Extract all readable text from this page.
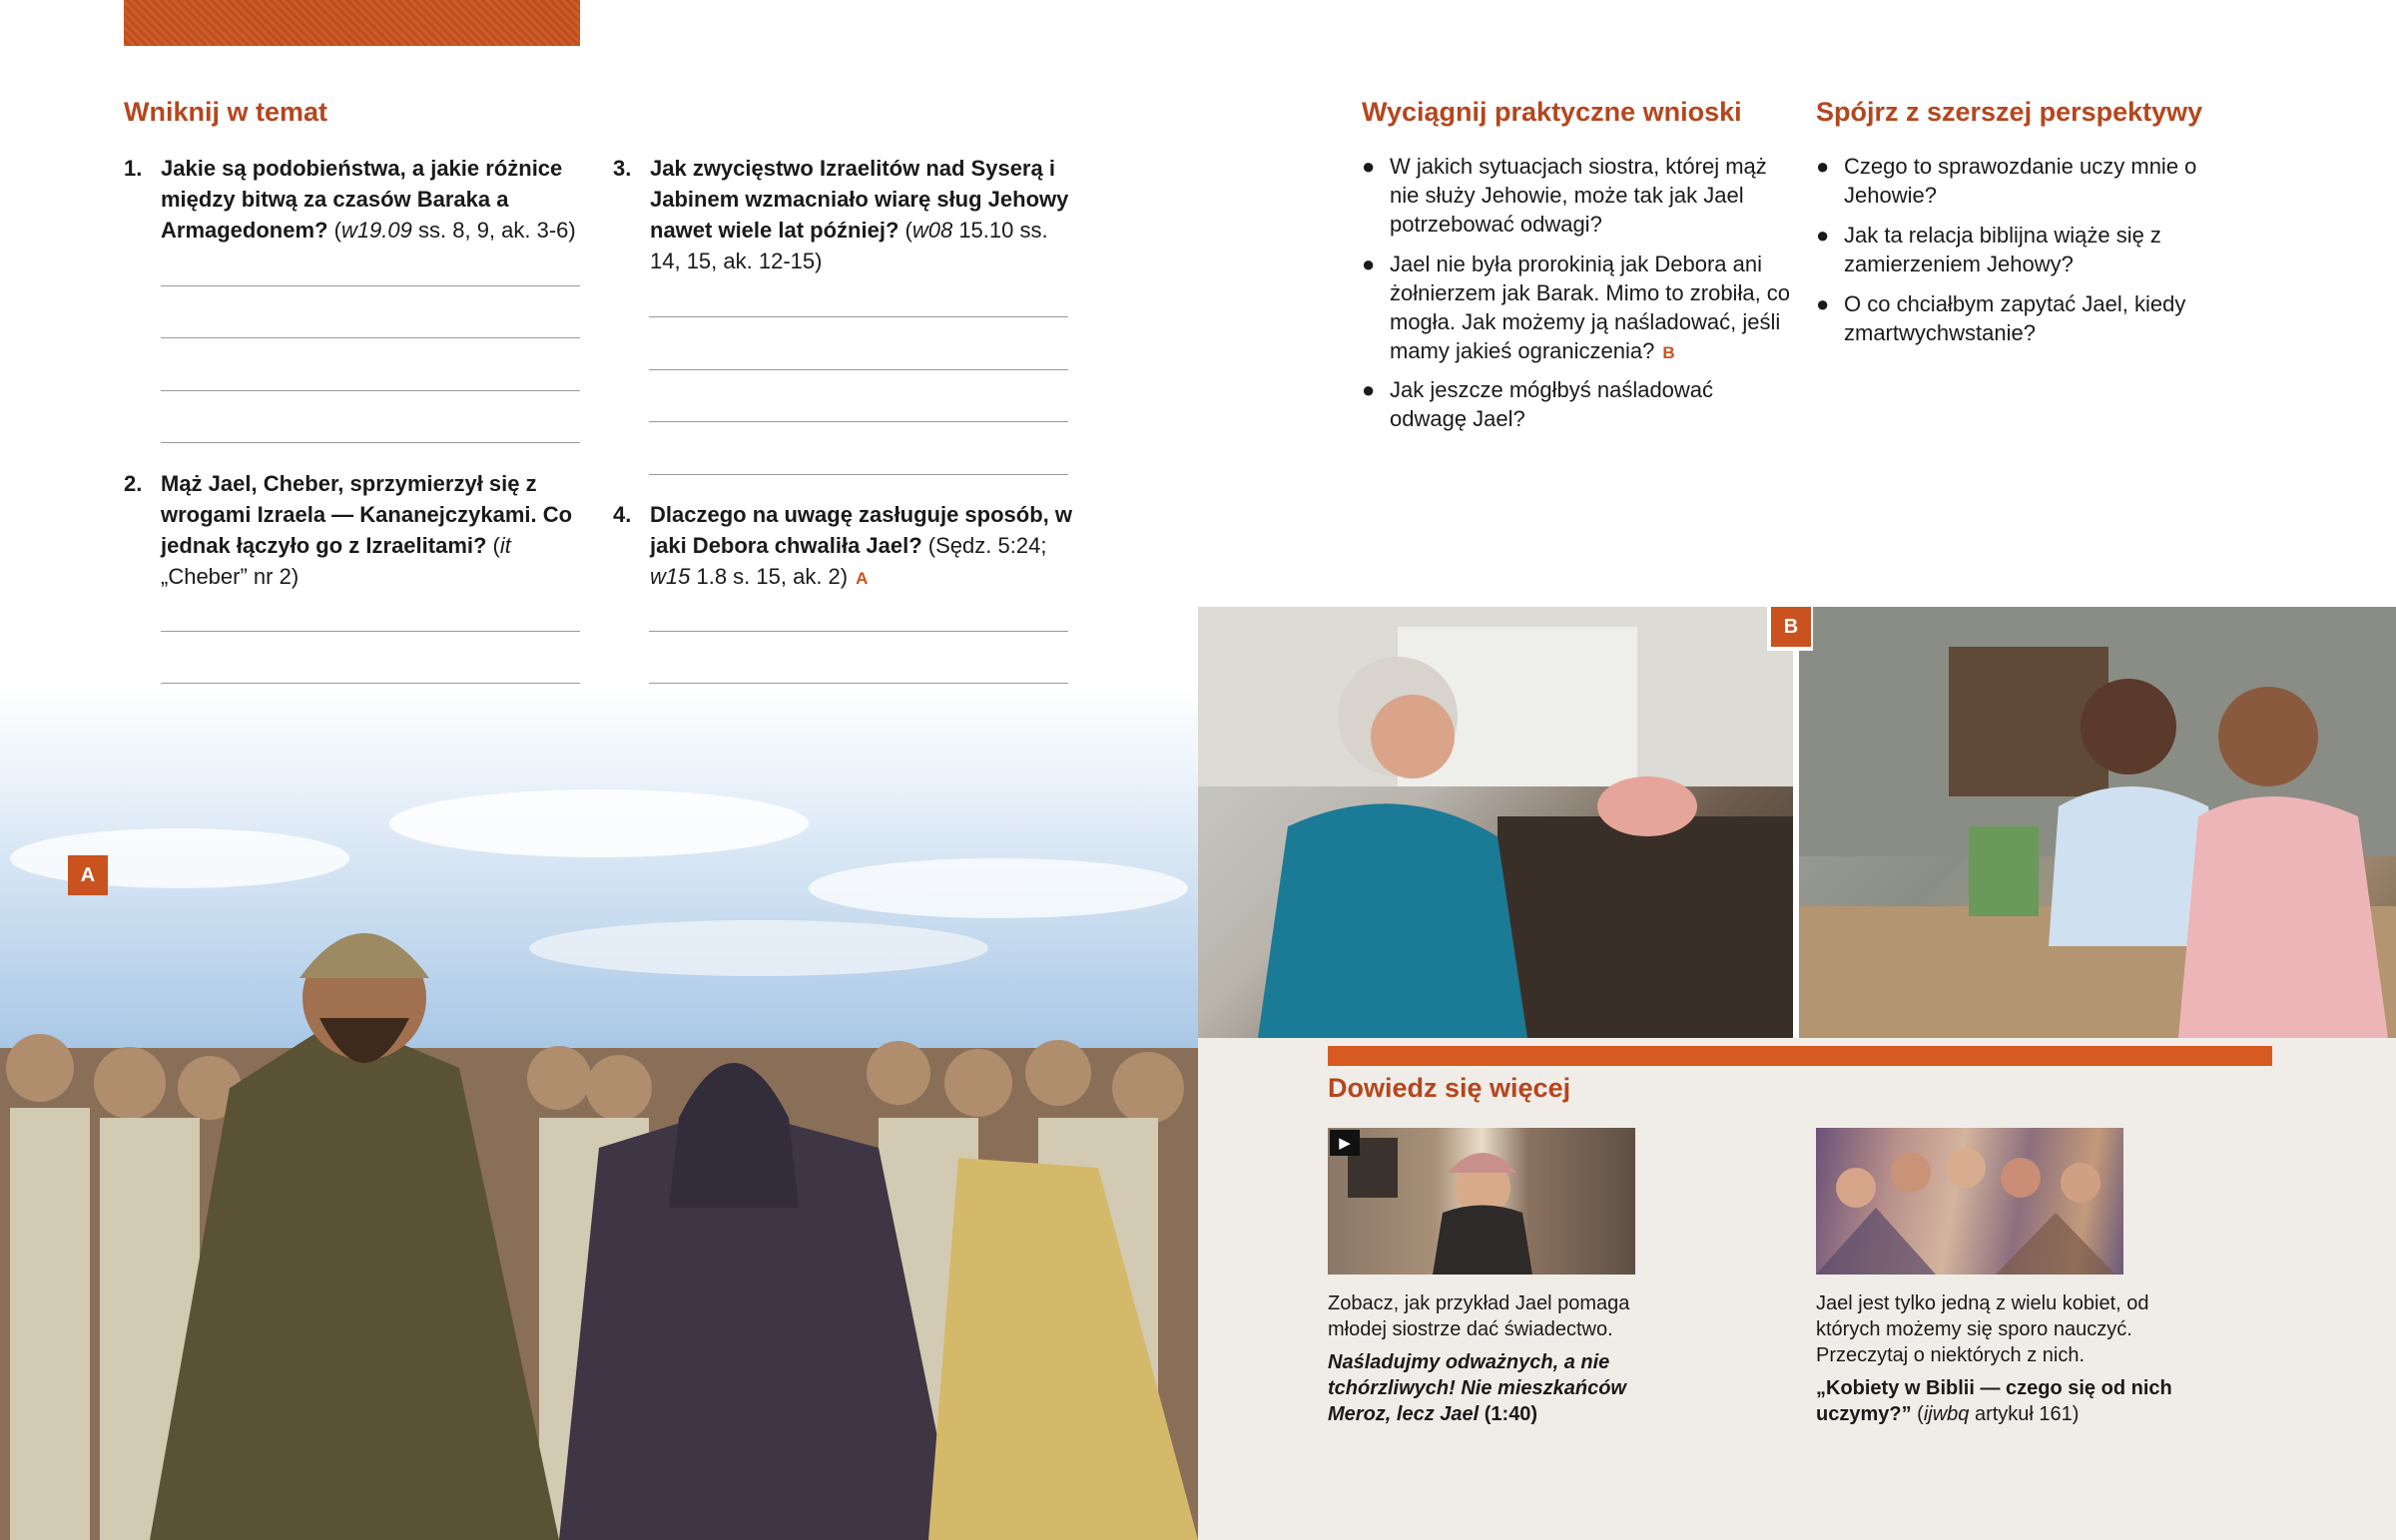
Wniknij w temat
1. Jakie są podobieństwa, a jakie różnice między bitwą za czasów Baraka a Armagedonem? (w19.09 ss. 8, 9, ak. 3-6)
2. Mąż Jael, Cheber, sprzymierzył się z wrogami Izraela — Kananejczykami. Co jednak łączyło go z Izraelitami? (it „Cheber” nr 2)
3. Jak zwycięstwo Izraelitów nad Syserą i Jabinem wzmacniało wiarę sług Jehowy nawet wiele lat później? (w08 15.10 ss. 14, 15, ak. 12-15)
4. Dlaczego na uwagę zasługuje sposób, w jaki Debora chwaliła Jael? (Sędz. 5:24; w15 1.8 s. 15, ak. 2) A
A
Wyciągnij praktyczne wnioski
● W jakich sytuacjach siostra, której mąż nie służy Jehowie, może tak jak Jael potrzebować odwagi?
● Jael nie była prorokinią jak Debora ani żołnierzem jak Barak. Mimo to zrobiła, co mogła. Jak możemy ją naśladować, jeśli mamy jakieś ograniczenia? B
● Jak jeszcze mógłbyś naśladować odwagę Jael?
Spójrz z szerszej perspektywy
● Czego to sprawozdanie uczy mnie o Jehowie?
● Jak ta relacja biblijna wiąże się z zamierzeniem Jehowy?
● O co chciałbym zapytać Jael, kiedy zmartwychwstanie?
B
Dowiedz się więcej
▶
Zobacz, jak przykład Jael pomaga młodej siostrze dać świadectwo.
Naśladujmy odważnych, a nie tchórzliwych! Nie mieszkańców Meroz, lecz Jael (1:40)
Jael jest tylko jedną z wielu kobiet, od których możemy się sporo nauczyć. Przeczytaj o niektórych z nich.
„Kobiety w Biblii — czego się od nich uczymy?” (ijwbq artykuł 161)
